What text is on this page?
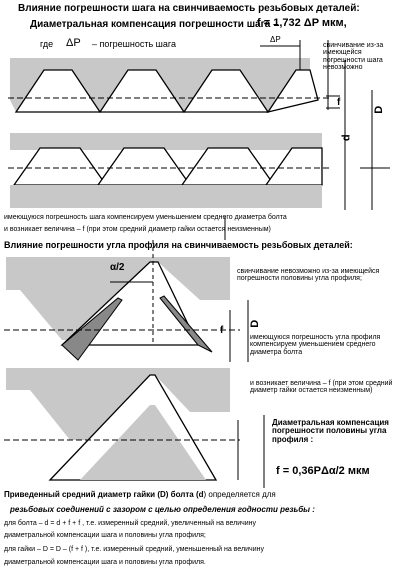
Влияние погрешности шага на свинчиваемость резьбовых деталей:
Диаметральная компенсация погрешности шага –
f = 1,732 ΔP мкм,
где ΔP – погрешность шага	свинчивание из-за имеющейся погрешности шага невозможно
ΔP
f
D
d
имеющуюся погрешность шага компенсируем уменьшением среднего диаметра болта
и возникает величина – f (при этом средний диаметр гайки остается неизменным)
Влияние погрешности угла профиля на свинчиваемость резьбовых деталей:
α/2	свинчивание невозможно из-за имеющейся погрешности половины угла профиля;
f
D
имеющуюся погрешность угла профиля компенсируем уменьшением среднего диаметра болта
и возникает величина – f (при этом средний диаметр гайки остается неизменным)
Диаметральная компенсация погрешности половины угла профиля :
f = 0,36PΔα/2 мкм
Приведенный средний диаметр гайки (D) болта (d) определяется для
резьбовых соединений с зазором с целью определения годности резьбы :
для болта – d = d + f + f , т.е. измеренный средний, увеличенный на величину
диаметральной компенсации шага и половины угла профиля;
для гайки – D = D – (f + f ), т.е. измеренный средний, уменьшенный на величину
диаметральной компенсации шага и половины угла профиля.
